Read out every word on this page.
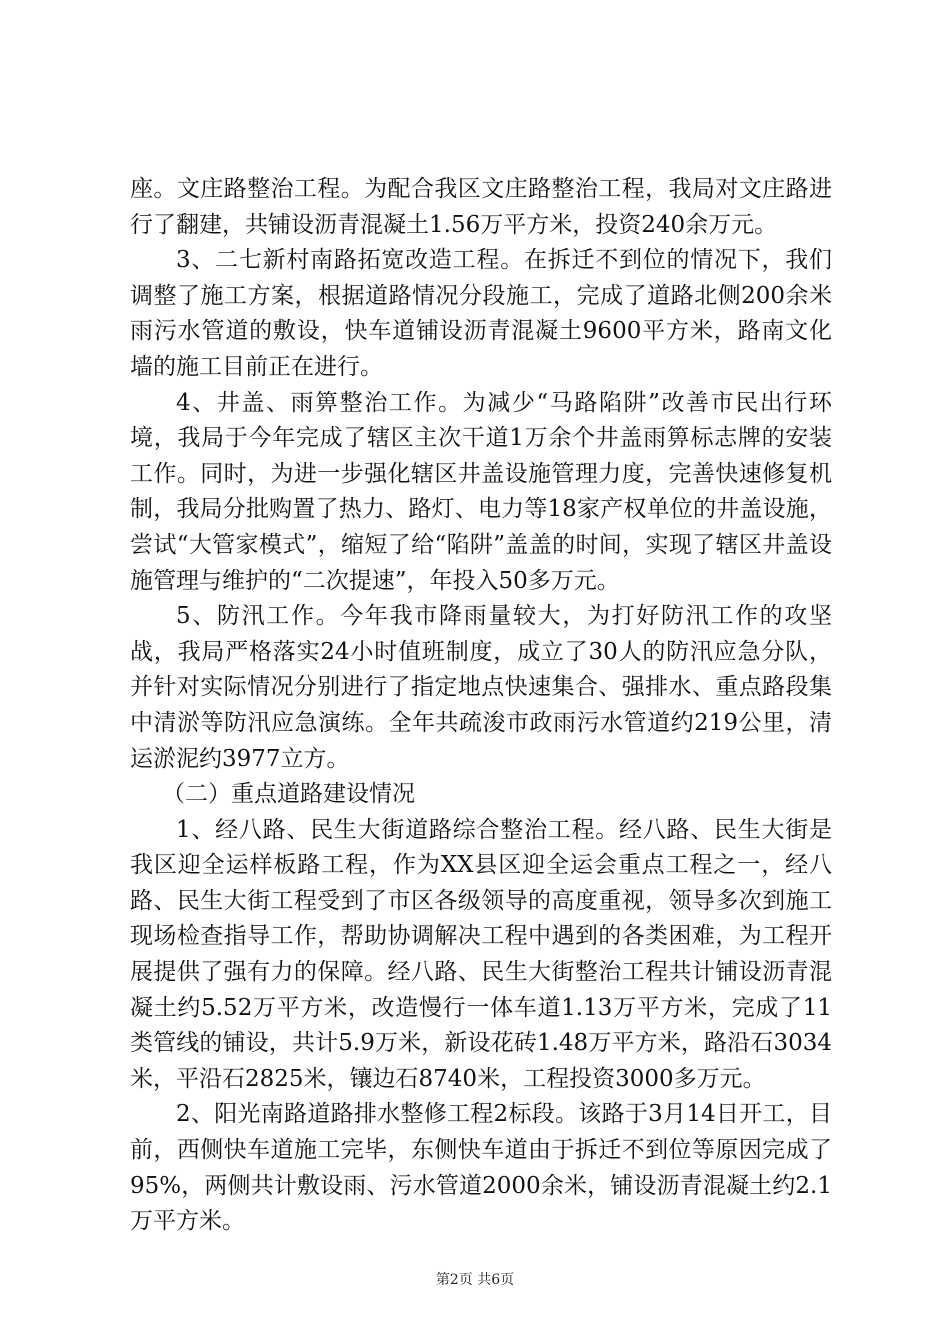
座。文庄路整治工程。为配合我区文庄路整治工程，我局对文庄路进行了翻建，共铺设沥青混凝土1.56万平方米，投资240余万元。

3、二七新村南路拓宽改造工程。在拆迁不到位的情况下，我们调整了施工方案，根据道路情况分段施工，完成了道路北侧200余米雨污水管道的敷设，快车道铺设沥青混凝土9600平方米，路南文化墙的施工目前正在进行。

4、井盖、雨箅整治工作。为减少“马路陷阱”改善市民出行环境，我局于今年完成了辖区主次干道1万余个井盖雨箅标志牌的安装工作。同时，为进一步强化辖区井盖设施管理力度，完善快速修复机制，我局分批购置了热力、路灯、电力等18家产权单位的井盖设施，尝试“大管家模式”，缩短了给“陷阱”盖盖的时间，实现了辖区井盖设施管理与维护的“二次提速”，年投入50多万元。

5、防汛工作。今年我市降雨量较大，为打好防汛工作的攻坚战，我局严格落实24小时值班制度，成立了30人的防汛应急分队，并针对实际情况分别进行了指定地点快速集合、强排水、重点路段集中清淤等防汛应急演练。全年共疏浚市政雨污水管道约219公里，清运淤泥约3977立方。

（二）重点道路建设情况

1、经八路、民生大街道路综合整治工程。经八路、民生大街是我区迎全运样板路工程，作为XX县区迎全运会重点工程之一，经八路、民生大街工程受到了市区各级领导的高度重视，领导多次到施工现场检查指导工作，帮助协调解决工程中遇到的各类困难，为工程开展提供了强有力的保障。经八路、民生大街整治工程共计铺设沥青混凝土约5.52万平方米，改造慢行一体车道1.13万平方米，完成了11类管线的铺设，共计5.9万米，新设花砖1.48万平方米，路沿石3034米，平沿石2825米，镶边石8740米，工程投资3000多万元。

2、阳光南路道路排水整修工程2标段。该路于3月14日开工，目前，西侧快车道施工完毕，东侧快车道由于拆迁不到位等原因完成了95%，两侧共计敷设雨、污水管道2000余米，铺设沥青混凝土约2.1万平方米。

第2页 共6页
